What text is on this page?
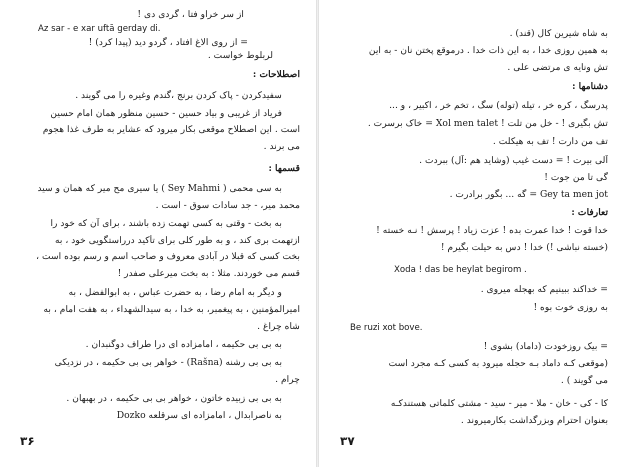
از سر خراو فتا ، گردی دی !
Az sar - e xar uftā gerday di.
= از روی الاغ افتاد ، گردو دید (پیدا کرد) !
لربلوط خواست .
اصطلاحات :
سفیدکردن - پاک کردن برنج ،گندم وغیره را می گویند .
فریاد از غریبی و بیاد حسین - حسین منظور همان امام حسین
است . این اصطلاح موقعی بکار میرود که عشایر به طرف غذا هجوم
می برند .
قسمها :
به سی محمی ( Sey Mahmi ) یا سیری مح میر که همان و سید
محمد میر، - جد سادات سوق - است .
به بخت - وقتی به کسی تهمت زده باشند ، برای آن که خود را
ازتهمت بری کند ، و به طور کلی برای تأکید درراستگویی خود ، به
بخت کسی که قبلا در آبادی معروف و صاحب اسم و رسم بوده است ،
قسم می خوردند. مثلا : به بخت میرعلی صفدر !
و دیگر به امام رضا ، به حضرت عباس ، به ابوالفضل ، به
امیرالمؤمنین ، به پیغمبر، به خدا ، به سیدالشهداء ، به هفت امام ، به
شاه چراغ .
به بی بی حکیمه ، امامزاده ای درا طراف دوگنبدان .
به بی بی رشنه (Rašna) - خواهر بی بی حکیمه ، در نزدیکی
چرام .
به بی بی زبیده خاتون ، خواهر بی بی حکیمه ، در بهبهان .
به ناصرابدال ، امامزاده ای سرقلعه Dozko
۳۶
به شاه شیرین کال (قند) .
به همین روزی خدا ، به این ذات خدا . درموقع پختن نان - به این
تش ونایه ی مرتضی علی .
دشنامها :
پدرسگ ، کره خر ، تیله (توله) سگ ، تخم خر ، اکبیر ، و ...
تش بگیری ! - خل من تلت ! Xol men talet = خاک برسرت .
تف من دارت ! تف به هیکلت .
آلی بیرت ! = دست غیب (وشاید هم :آل) ببردت .
گی تا من جوت !
Gey ta men jot = گه ... بگور برادرت .
تعارفات :
خدا قوت ! خدا عمرت بده ! عزت زیاد ! پرسش ! نـه خسته !
(خسته نباشی !) خدا ! دس به حیلت بگیرم !
Xoda ! das be heylat begirom .
= خداکند ببینیم که بهجله میروی .
به روزی خوت بوه !
Be ruzi xot bove.
= بیک روزخودت (داماد) بشوی !
(موقعی کـه داماد بـه حجله میرود به کسی کـه مجرد است
می گویند ) .
کا - کی - خان - ملا - میر - سید - مشتی کلماتی هستندکـه
بعنوان احترام وبزرگداشت بکارمیروند .
۳۷
